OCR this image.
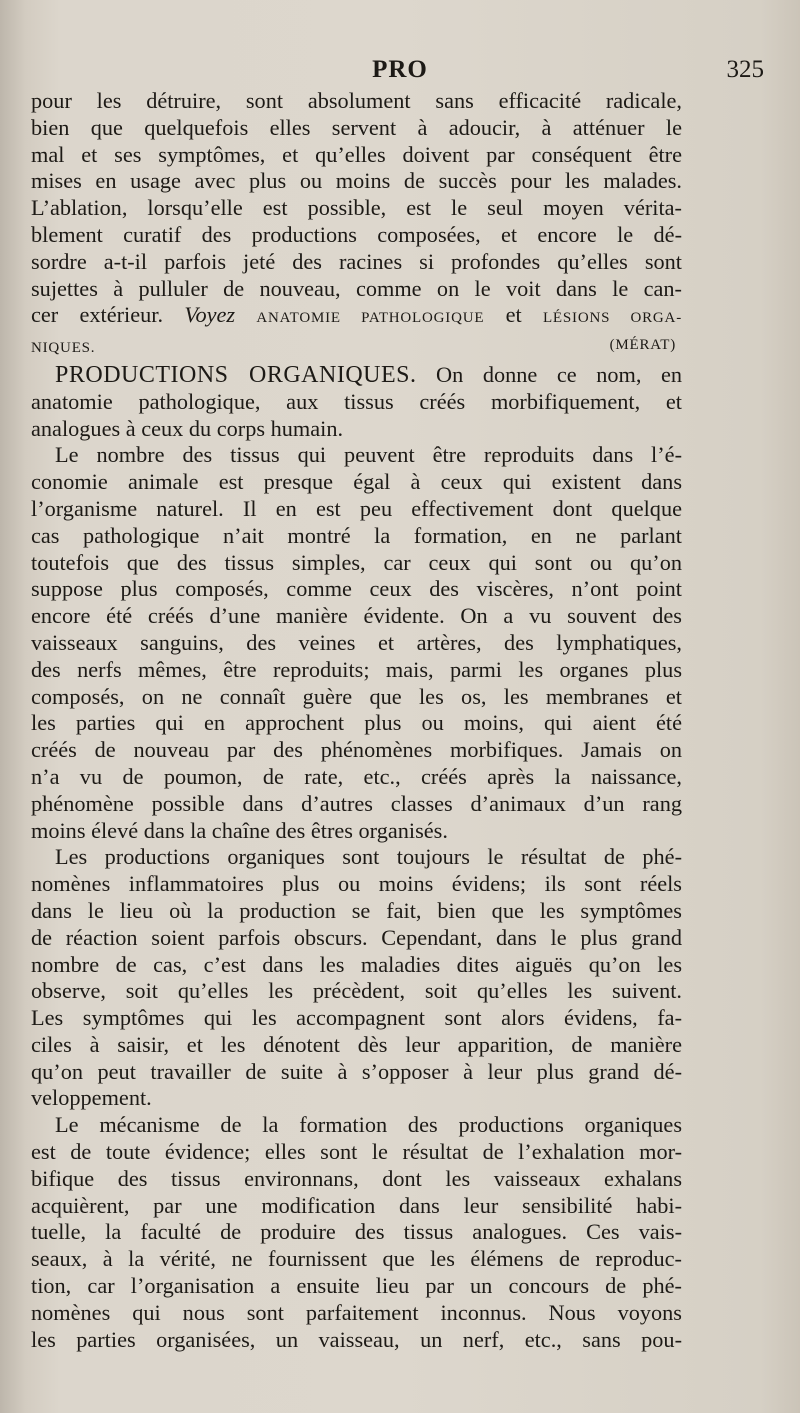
PRO	325
pour les détruire, sont absolument sans efficacité radicale,
bien que quelquefois elles servent à adoucir, à atténuer le
mal et ses symptômes, et qu’elles doivent par conséquent être
mises en usage avec plus ou moins de succès pour les malades.
L’ablation, lorsqu’elle est possible, est le seul moyen vérita-
blement curatif des productions composées, et encore le dé-
sordre a-t-il parfois jeté des racines si profondes qu’elles sont
sujettes à pulluler de nouveau, comme on le voit dans le can-
cer extérieur. Voyez ANATOMIE PATHOLOGIQUE et LÉSIONS ORGA-
NIQUES.	(MÉRAT)
PRODUCTIONS ORGANIQUES. On donne ce nom, en
anatomie pathologique, aux tissus créés morbifiquement, et
analogues à ceux du corps humain.
Le nombre des tissus qui peuvent être reproduits dans l’é-
conomie animale est presque égal à ceux qui existent dans
l’organisme naturel. Il en est peu effectivement dont quelque
cas pathologique n’ait montré la formation, en ne parlant
toutefois que des tissus simples, car ceux qui sont ou qu’on
suppose plus composés, comme ceux des viscères, n’ont point
encore été créés d’une manière évidente. On a vu souvent des
vaisseaux sanguins, des veines et artères, des lymphatiques,
des nerfs mêmes, être reproduits; mais, parmi les organes plus
composés, on ne connaît guère que les os, les membranes et
les parties qui en approchent plus ou moins, qui aient été
créés de nouveau par des phénomènes morbifiques. Jamais on
n’a vu de poumon, de rate, etc., créés après la naissance,
phénomène possible dans d’autres classes d’animaux d’un rang
moins élevé dans la chaîne des êtres organisés.
Les productions organiques sont toujours le résultat de phé-
nomènes inflammatoires plus ou moins évidens; ils sont réels
dans le lieu où la production se fait, bien que les symptômes
de réaction soient parfois obscurs. Cependant, dans le plus grand
nombre de cas, c’est dans les maladies dites aiguës qu’on les
observe, soit qu’elles les précèdent, soit qu’elles les suivent.
Les symptômes qui les accompagnent sont alors évidens, fa-
ciles à saisir, et les dénotent dès leur apparition, de manière
qu’on peut travailler de suite à s’opposer à leur plus grand dé-
veloppement.
Le mécanisme de la formation des productions organiques
est de toute évidence; elles sont le résultat de l’exhalation mor-
bifique des tissus environnans, dont les vaisseaux exhalans
acquièrent, par une modification dans leur sensibilité habi-
tuelle, la faculté de produire des tissus analogues. Ces vais-
seaux, à la vérité, ne fournissent que les élémens de reproduc-
tion, car l’organisation a ensuite lieu par un concours de phé-
nomènes qui nous sont parfaitement inconnus. Nous voyons
les parties organisées, un vaisseau, un nerf, etc., sans pou-
